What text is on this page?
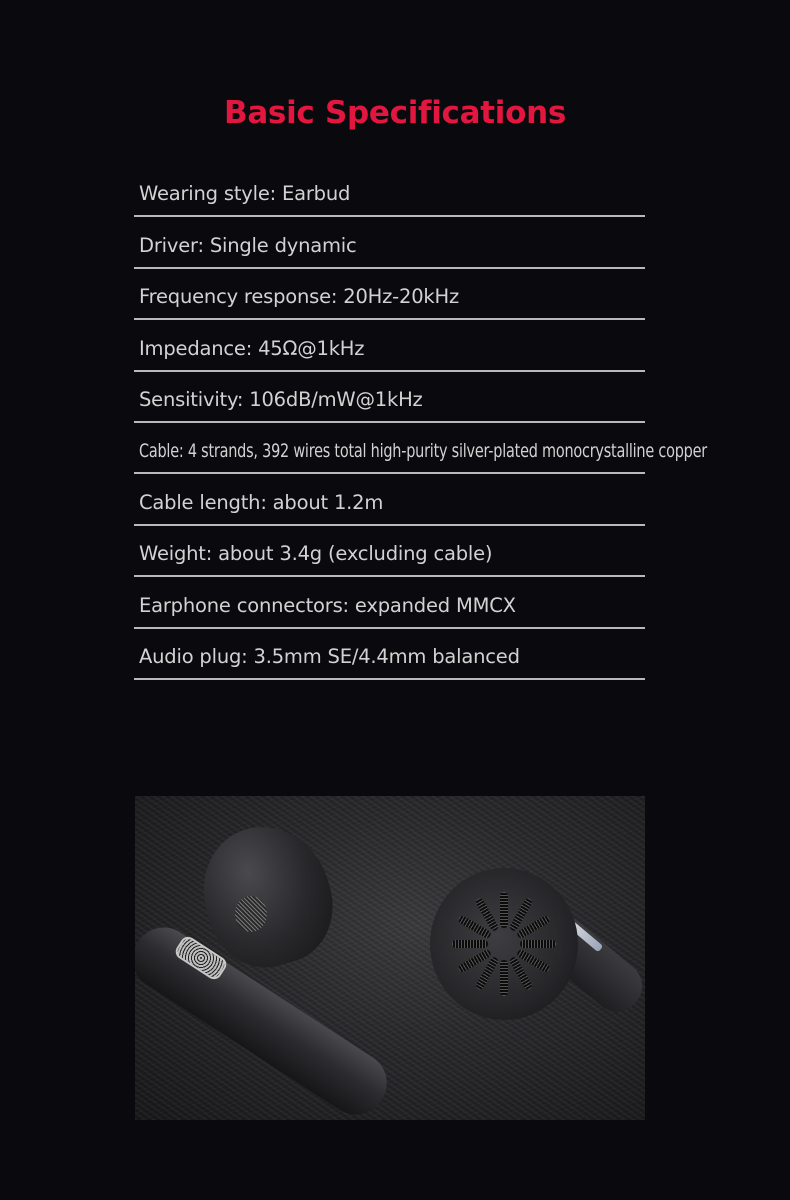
Basic Specifications
Wearing style: Earbud
Driver: Single dynamic
Frequency response: 20Hz-20kHz
Impedance: 45Ω@1kHz
Sensitivity: 106dB/mW@1kHz
Cable: 4 strands, 392 wires total high-purity silver-plated monocrystalline copper
Cable length: about 1.2m
Weight: about 3.4g (excluding cable)
Earphone connectors: expanded MMCX
Audio plug: 3.5mm SE/4.4mm balanced
